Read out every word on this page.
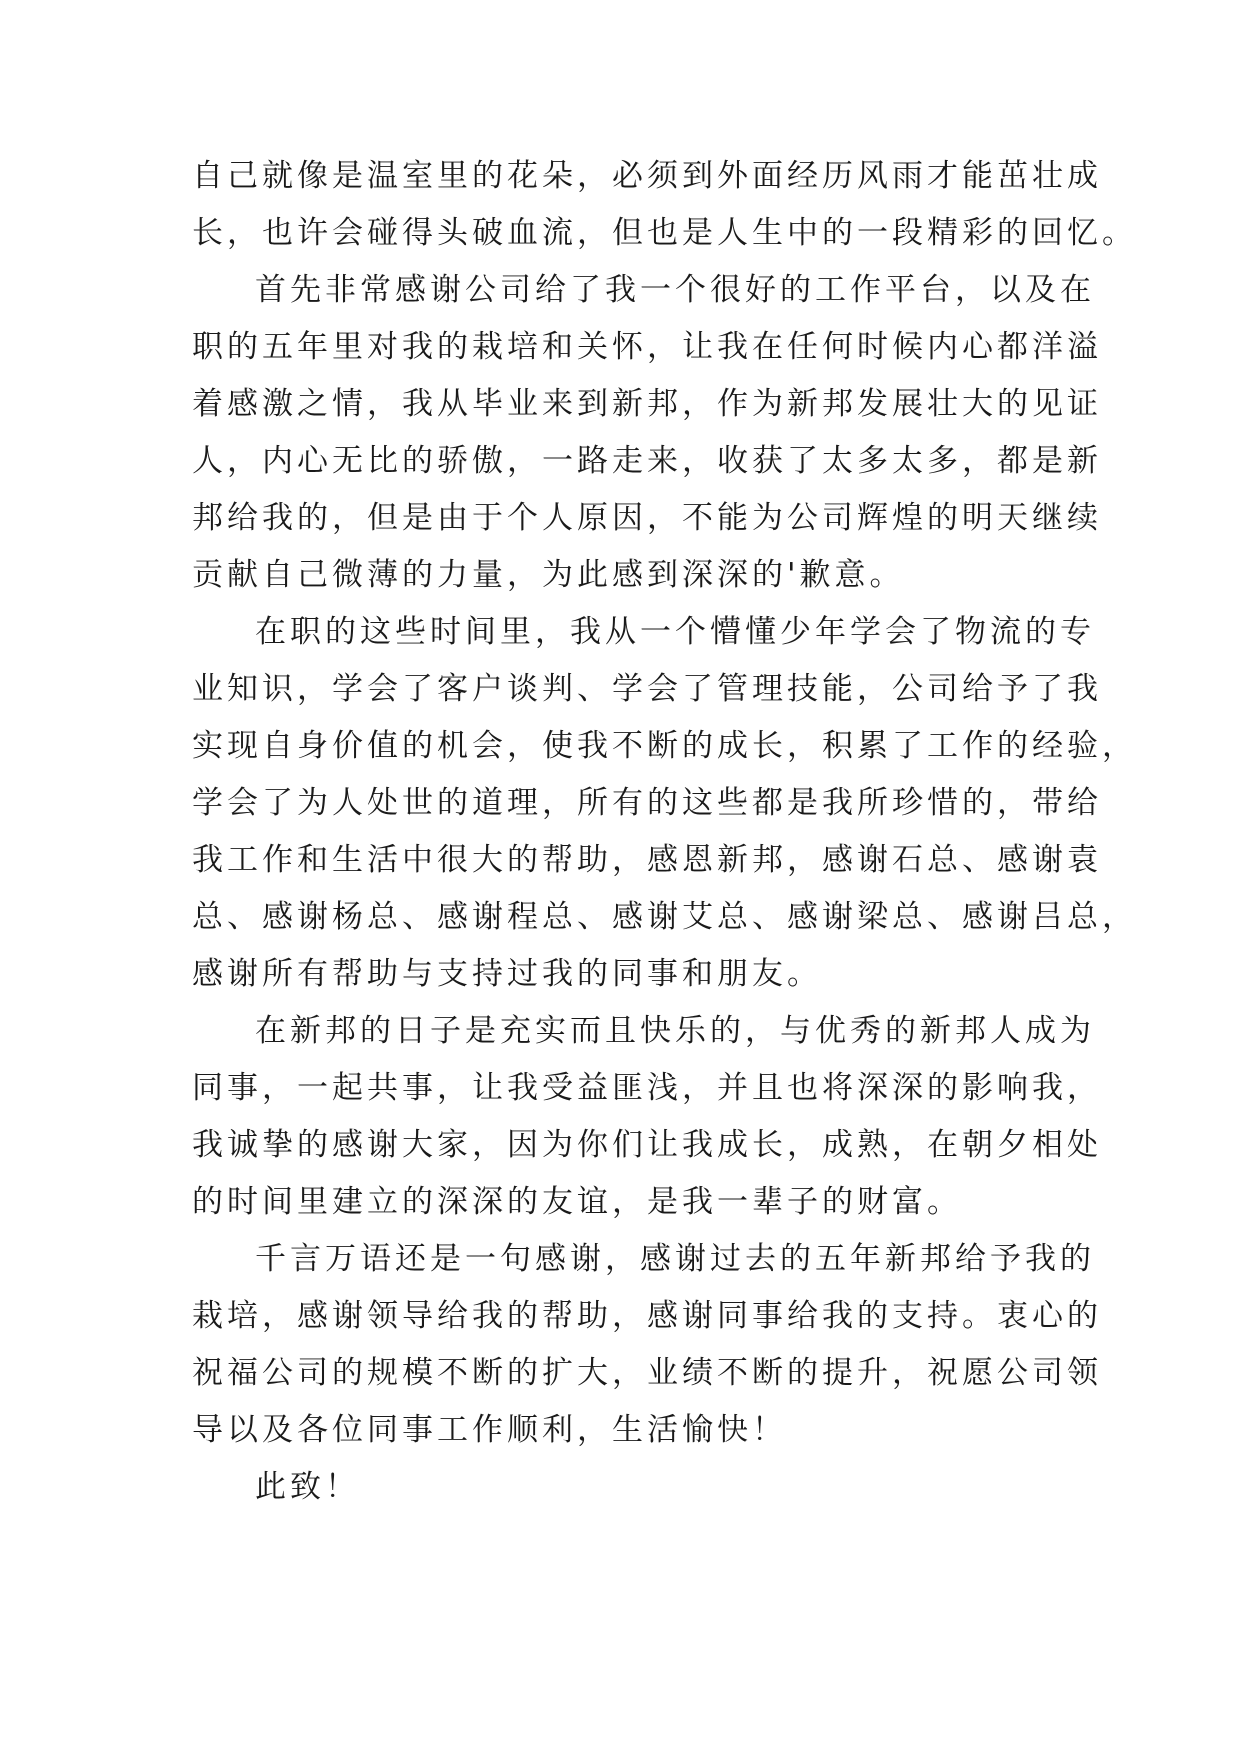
自己就像是温室里的花朵，必须到外面经历风雨才能茁壮成
长，也许会碰得头破血流，但也是人生中的一段精彩的回忆。
首先非常感谢公司给了我一个很好的工作平台，以及在
职的五年里对我的栽培和关怀，让我在任何时候内心都洋溢
着感激之情，我从毕业来到新邦，作为新邦发展壮大的见证
人，内心无比的骄傲，一路走来，收获了太多太多，都是新
邦给我的，但是由于个人原因，不能为公司辉煌的明天继续
贡献自己微薄的力量，为此感到深深的'歉意。
在职的这些时间里，我从一个懵懂少年学会了物流的专
业知识，学会了客户谈判、学会了管理技能，公司给予了我
实现自身价值的机会，使我不断的成长，积累了工作的经验，
学会了为人处世的道理，所有的这些都是我所珍惜的，带给
我工作和生活中很大的帮助，感恩新邦，感谢石总、感谢袁
总、感谢杨总、感谢程总、感谢艾总、感谢梁总、感谢吕总，
感谢所有帮助与支持过我的同事和朋友。
在新邦的日子是充实而且快乐的，与优秀的新邦人成为
同事，一起共事，让我受益匪浅，并且也将深深的影响我，
我诚挚的感谢大家，因为你们让我成长，成熟，在朝夕相处
的时间里建立的深深的友谊，是我一辈子的财富。
千言万语还是一句感谢，感谢过去的五年新邦给予我的
栽培，感谢领导给我的帮助，感谢同事给我的支持。衷心的
祝福公司的规模不断的扩大，业绩不断的提升，祝愿公司领
导以及各位同事工作顺利，生活愉快！
此致！
